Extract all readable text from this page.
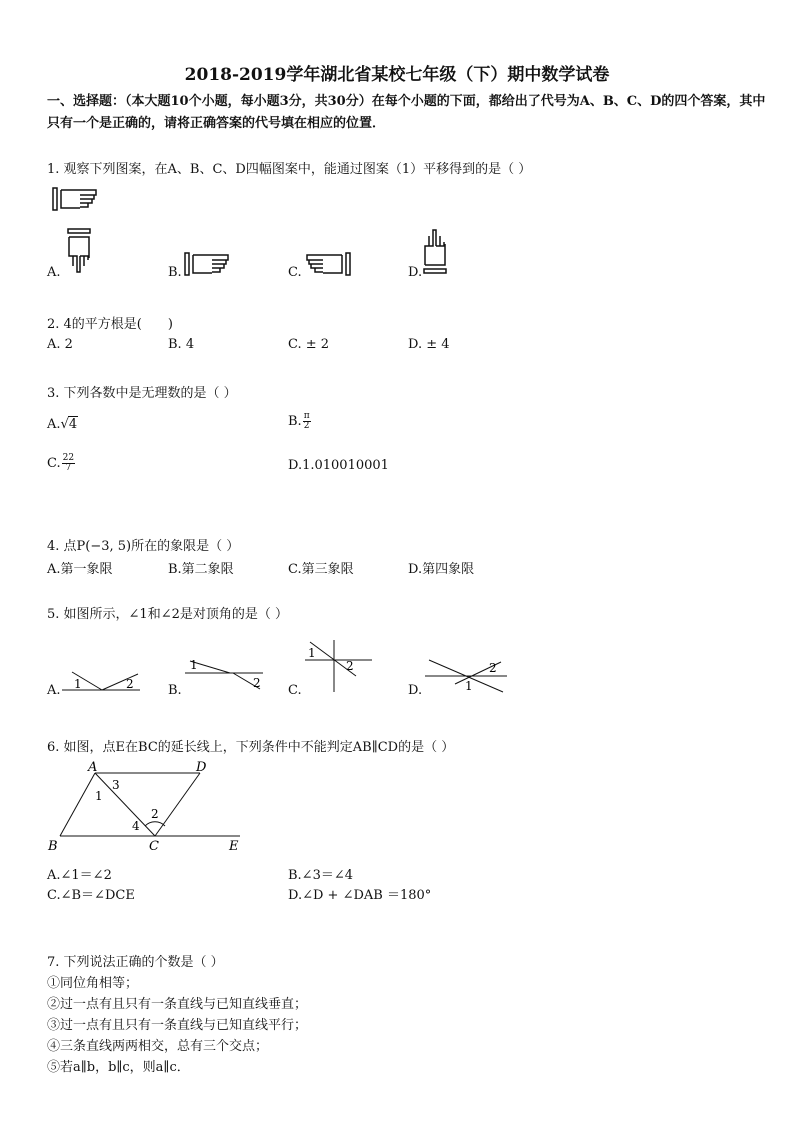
2018-2019学年湖北省某校七年级（下）期中数学试卷
一、选择题：（本大题10个小题，每小题3分，共30分）在每个小题的下面，都给出了代号为A、B、C、D的四个答案，其中只有一个是正确的，请将正确答案的代号填在相应的位置．
1. 观察下列图案，在A、B、C、D四幅图案中，能通过图案（1）平移得到的是（ ）
A.	B.	C.	D.
2. 4的平方根是(　　)
A. 2	B. 4	C. ± 2	D. ± 4
3. 下列各数中是无理数的是（ ）
A.√4	B. $\frac{\pi}{2}$
C. $\frac{22}{7}$	D.1.010010001
4. 点P(−3, 5)所在的象限是（ ）
A.第一象限	B.第二象限	C.第三象限	D.第四象限
5. 如图所示，∠1和∠2是对顶角的是（ ）
A. 1	2	B.
1
2 C.
1
2
D.
2
1
6. 如图，点E在BC的延长线上，下列条件中不能判定AB∥CD的是（ ）
A	D
B	C	E
1
2
3
4
A.∠1＝∠2	B.∠3＝∠4
C.∠B＝∠DCE	D.∠D + ∠DAB ＝180°
7. 下列说法正确的个数是（ ）
①同位角相等；
②过一点有且只有一条直线与已知直线垂直；
③过一点有且只有一条直线与已知直线平行；
④三条直线两两相交，总有三个交点；
⑤若a∥b，b∥c，则a∥c．
